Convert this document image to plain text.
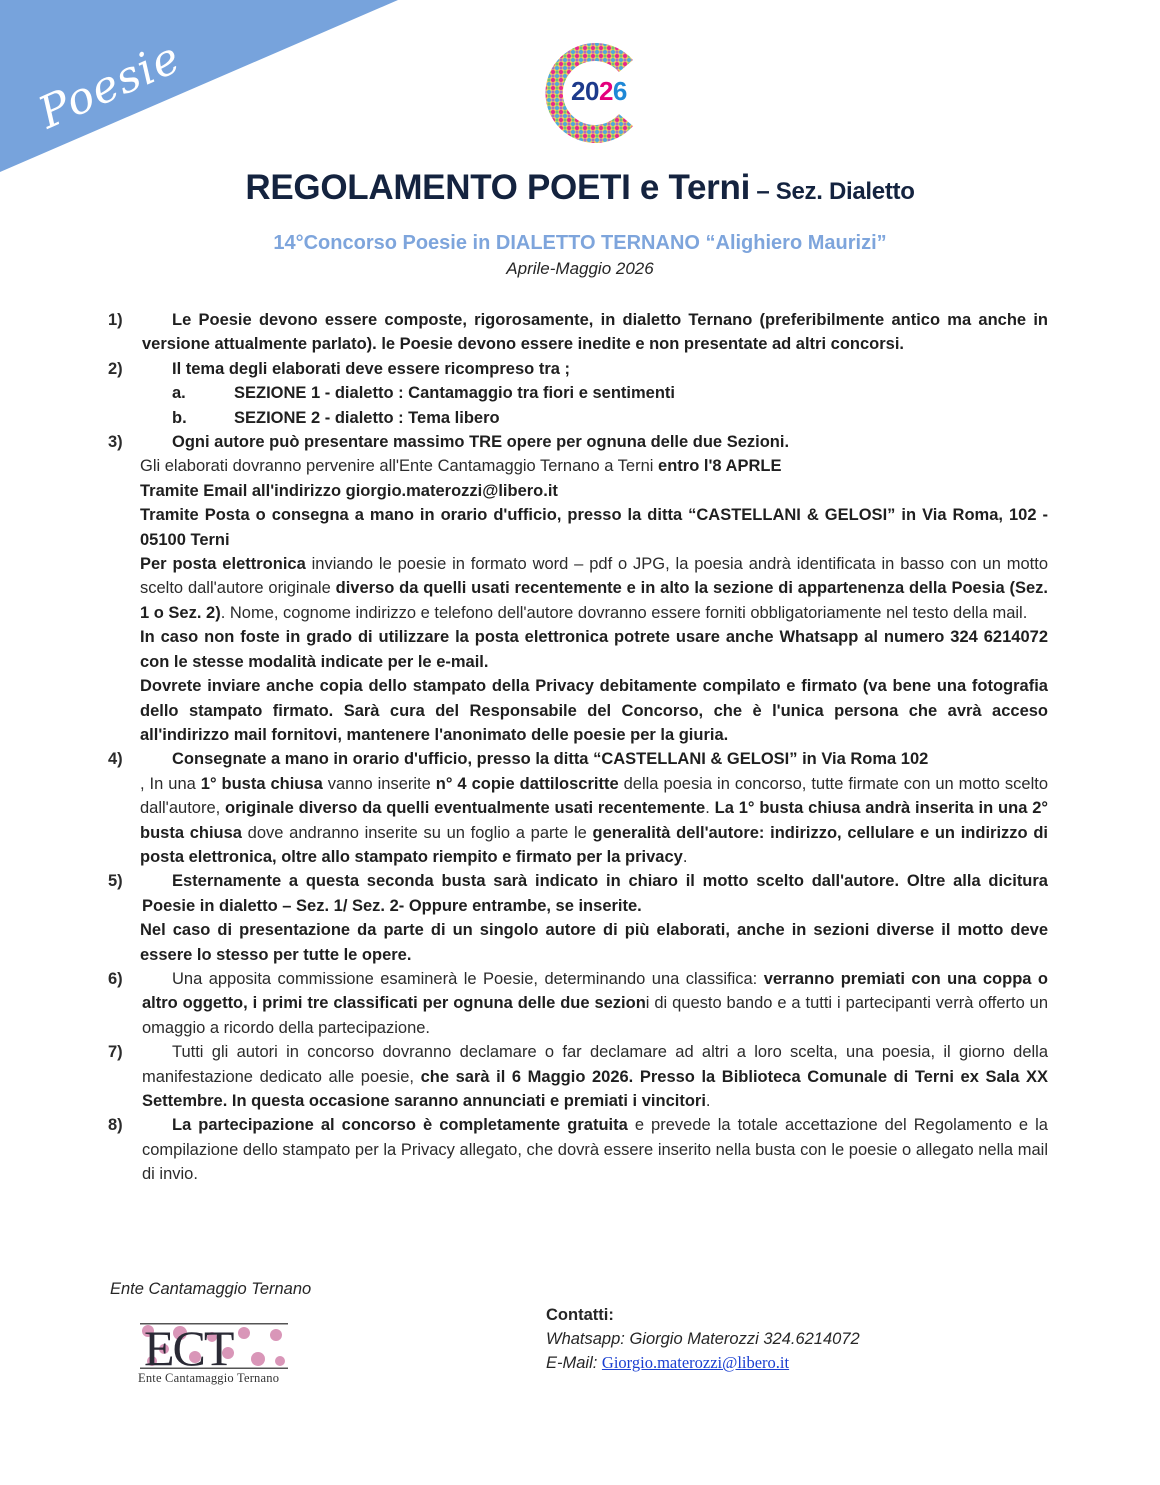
Poesie	2026
REGOLAMENTO POETI e Terni – Sez. Dialetto
14°Concorso Poesie in DIALETTO TERNANO “Alighiero Maurizi”
Aprile-Maggio 2026
1)	Le Poesie devono essere composte, rigorosamente, in dialetto Ternano (preferibilmente antico ma anche in versione attualmente parlato). le Poesie devono essere inedite e non presentate ad altri concorsi.
2)	Il tema degli elaborati deve essere ricompreso tra ;
a.	SEZIONE 1 - dialetto : Cantamaggio tra fiori e sentimenti
b.	SEZIONE 2 - dialetto : Tema libero
3)	Ogni autore può presentare massimo TRE opere per ognuna delle due Sezioni.
Gli elaborati dovranno pervenire all'Ente Cantamaggio Ternano a Terni entro l'8 APRLE
Tramite Email all'indirizzo giorgio.materozzi@libero.it
Tramite Posta o consegna a mano in orario d'ufficio, presso la ditta “CASTELLANI & GELOSI” in Via Roma, 102 - 05100 Terni
Per posta elettronica inviando le poesie in formato word – pdf o JPG, la poesia andrà identificata in basso con un motto scelto dall'autore originale diverso da quelli usati recentemente e in alto la sezione di appartenenza della Poesia (Sez. 1 o Sez. 2). Nome, cognome indirizzo e telefono dell'autore dovranno essere forniti obbligatoriamente nel testo della mail.
In caso non foste in grado di utilizzare la posta elettronica potrete usare anche Whatsapp al numero 324 6214072 con le stesse modalità indicate per le e-mail.
Dovrete inviare anche copia dello stampato della Privacy debitamente compilato e firmato (va bene una fotografia dello stampato firmato. Sarà cura del Responsabile del Concorso, che è l'unica persona che avrà acceso all'indirizzo mail fornitovi, mantenere l'anonimato delle poesie per la giuria.
4)	Consegnate a mano in orario d'ufficio, presso la ditta “CASTELLANI & GELOSI” in Via Roma 102
, In una 1° busta chiusa vanno inserite n° 4 copie dattiloscritte della poesia in concorso, tutte firmate con un motto scelto dall'autore, originale diverso da quelli eventualmente usati recentemente. La 1° busta chiusa andrà inserita in una 2° busta chiusa dove andranno inserite su un foglio a parte le generalità dell'autore: indirizzo, cellulare e un indirizzo di posta elettronica, oltre allo stampato riempito e firmato per la privacy.
5)	Esternamente a questa seconda busta sarà indicato in chiaro il motto scelto dall'autore. Oltre alla dicitura Poesie in dialetto – Sez. 1/ Sez. 2- Oppure entrambe, se inserite.
Nel caso di presentazione da parte di un singolo autore di più elaborati, anche in sezioni diverse il motto deve essere lo stesso per tutte le opere.
6)	Una apposita commissione esaminerà le Poesie, determinando una classifica: verranno premiati con una coppa o altro oggetto, i primi tre classificati per ognuna delle due sezioni di questo bando e a tutti i partecipanti verrà offerto un omaggio a ricordo della partecipazione.
7)	Tutti gli autori in concorso dovranno declamare o far declamare ad altri a loro scelta, una poesia, il giorno della manifestazione dedicato alle poesie, che sarà il 6 Maggio 2026. Presso la Biblioteca Comunale di Terni ex Sala XX Settembre. In questa occasione saranno annunciati e premiati i vincitori.
8)	La partecipazione al concorso è completamente gratuita e prevede la totale accettazione del Regolamento e la compilazione dello stampato per la Privacy allegato, che dovrà essere inserito nella busta con le poesie o allegato nella mail di invio.
Ente Cantamaggio Ternano
ECT
Ente Cantamaggio Ternano
Contatti:
Whatsapp: Giorgio Materozzi 324.6214072
E-Mail: Giorgio.materozzi@libero.it
